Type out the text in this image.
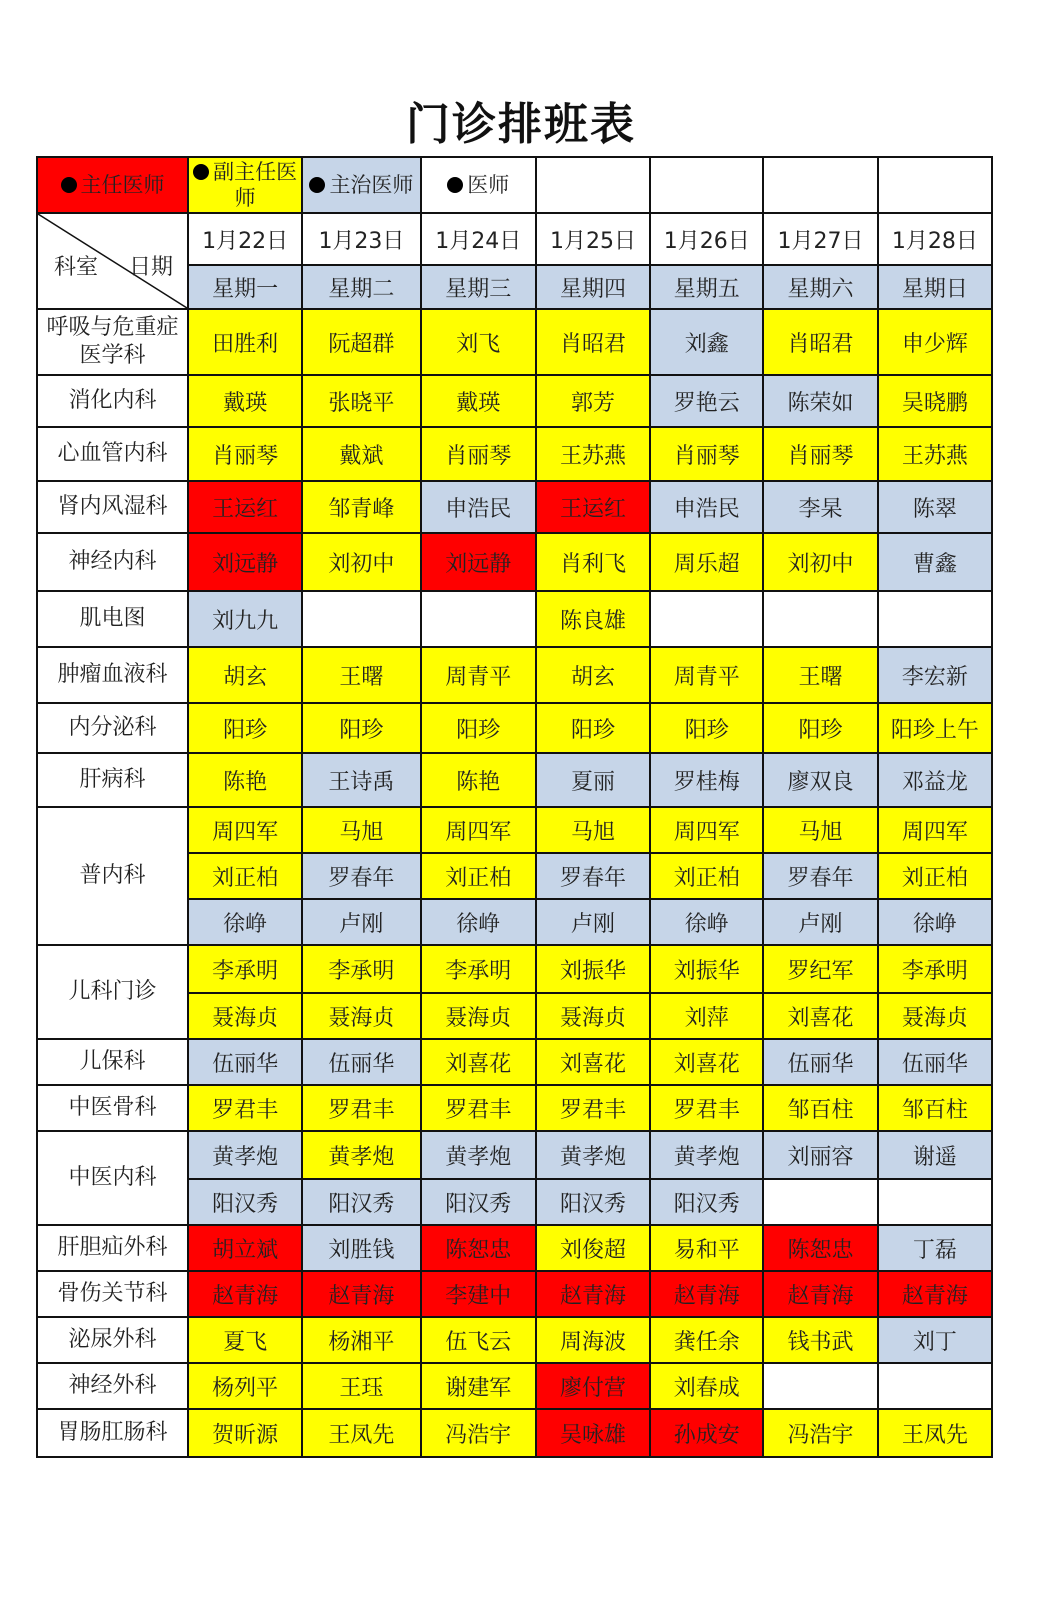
门诊排班表
主任医师	副主任医师	主治医师	医师				

科室 日期	1月22日	1月23日	1月24日	1月25日	1月26日	1月27日	1月28日
	星期一	星期二	星期三	星期四	星期五	星期六	星期日
呼吸与危重症医学科	田胜利	阮超群	刘飞	肖昭君	刘鑫	肖昭君	申少辉
消化内科	戴瑛	张晓平	戴瑛	郭芳	罗艳云	陈荣如	吴晓鹏
心血管内科	肖丽琴	戴斌	肖丽琴	王苏燕	肖丽琴	肖丽琴	王苏燕
肾内风湿科	王运红	邹青峰	申浩民	王运红	申浩民	李杲	陈翠
神经内科	刘远静	刘初中	刘远静	肖利飞	周乐超	刘初中	曹鑫
肌电图	刘九九			陈良雄			
肿瘤血液科	胡玄	王曙	周青平	胡玄	周青平	王曙	李宏新
内分泌科	阳珍	阳珍	阳珍	阳珍	阳珍	阳珍	阳珍上午
肝病科	陈艳	王诗禹	陈艳	夏丽	罗桂梅	廖双良	邓益龙
普内科	周四军	马旭	周四军	马旭	周四军	马旭	周四军
	刘正柏	罗春年	刘正柏	罗春年	刘正柏	罗春年	刘正柏
	徐峥	卢刚	徐峥	卢刚	徐峥	卢刚	徐峥
儿科门诊	李承明	李承明	李承明	刘振华	刘振华	罗纪军	李承明
	聂海贞	聂海贞	聂海贞	聂海贞	刘萍	刘喜花	聂海贞
儿保科	伍丽华	伍丽华	刘喜花	刘喜花	刘喜花	伍丽华	伍丽华
中医骨科	罗君丰	罗君丰	罗君丰	罗君丰	罗君丰	邹百柱	邹百柱
中医内科	黄孝炮	黄孝炮	黄孝炮	黄孝炮	黄孝炮	刘丽容	谢遥
	阳汉秀	阳汉秀	阳汉秀	阳汉秀	阳汉秀		
肝胆疝外科	胡立斌	刘胜钱	陈恕忠	刘俊超	易和平	陈恕忠	丁磊
骨伤关节科	赵青海	赵青海	李建中	赵青海	赵青海	赵青海	赵青海
泌尿外科	夏飞	杨湘平	伍飞云	周海波	龚任余	钱书武	刘丁
神经外科	杨列平	王珏	谢建军	廖付营	刘春成		
胃肠肛肠科	贺昕源	王凤先	冯浩宇	吴咏雄	孙成安	冯浩宇	王凤先
